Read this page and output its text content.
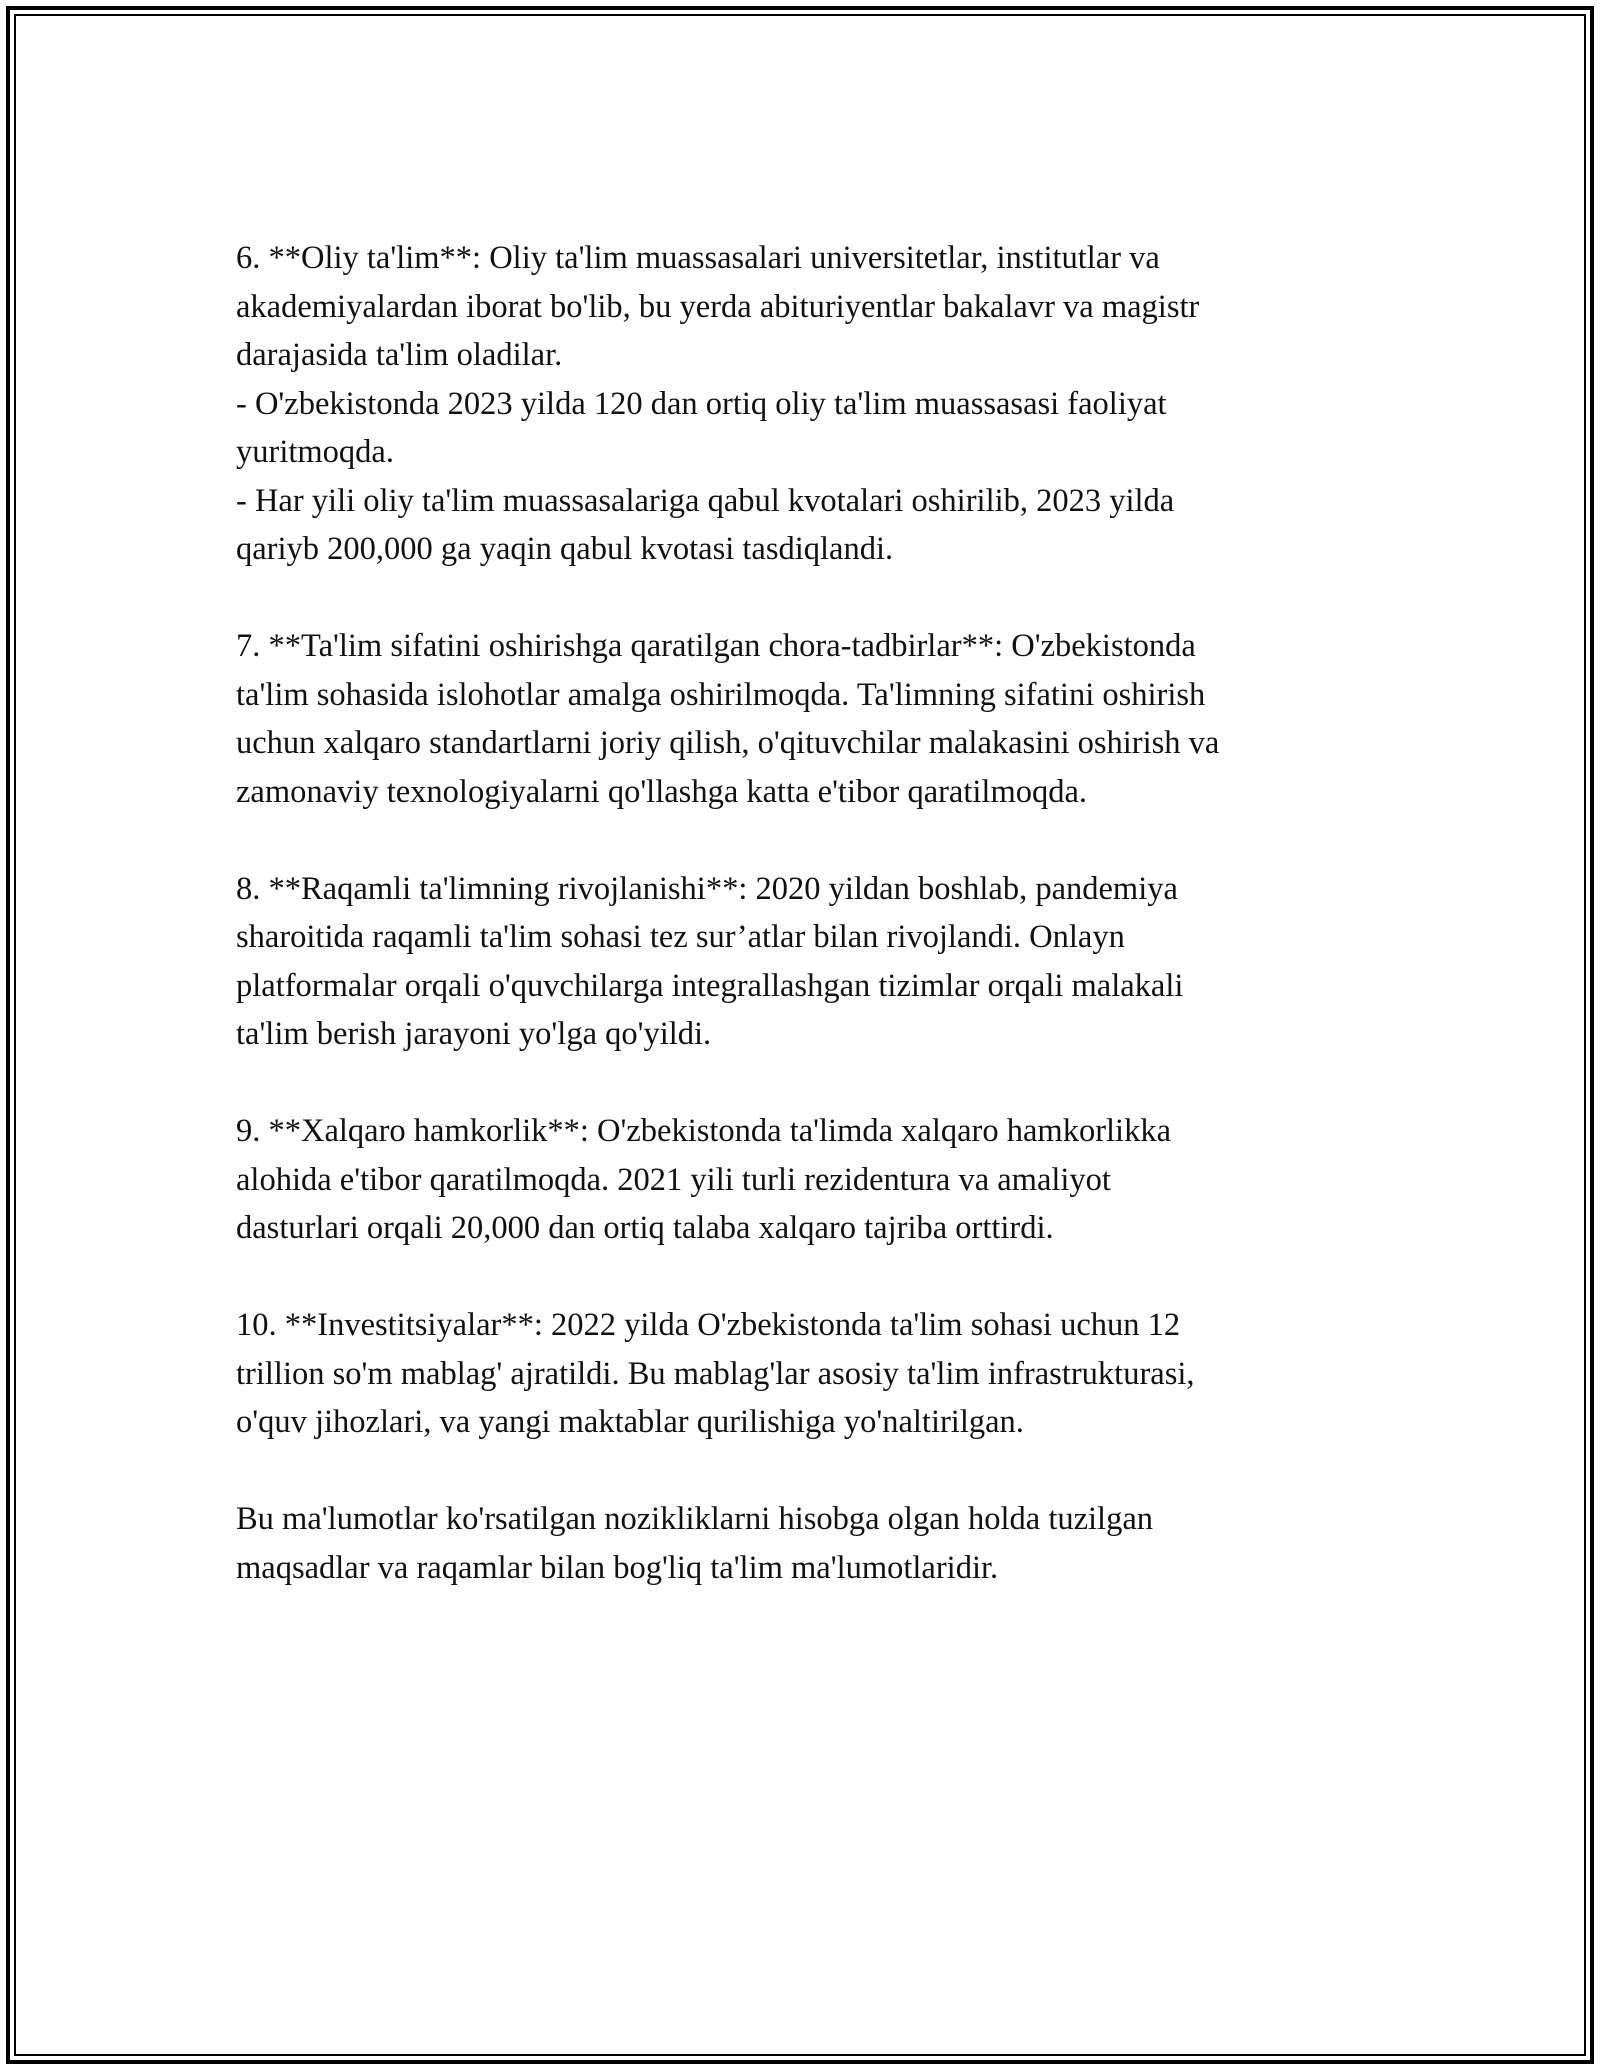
6. **Oliy ta'lim**: Oliy ta'lim muassasalari universitetlar, institutlar va
akademiyalardan iborat bo'lib, bu yerda abituriyentlar bakalavr va magistr
darajasida ta'lim oladilar.
- O'zbekistonda 2023 yilda 120 dan ortiq oliy ta'lim muassasasi faoliyat
yuritmoqda.
- Har yili oliy ta'lim muassasalariga qabul kvotalari oshirilib, 2023 yilda
qariyb 200,000 ga yaqin qabul kvotasi tasdiqlandi.

7. **Ta'lim sifatini oshirishga qaratilgan chora-tadbirlar**: O'zbekistonda
ta'lim sohasida islohotlar amalga oshirilmoqda. Ta'limning sifatini oshirish
uchun xalqaro standartlarni joriy qilish, o'qituvchilar malakasini oshirish va
zamonaviy texnologiyalarni qo'llashga katta e'tibor qaratilmoqda.

8. **Raqamli ta'limning rivojlanishi**: 2020 yildan boshlab, pandemiya
sharoitida raqamli ta'lim sohasi tez sur’atlar bilan rivojlandi. Onlayn
platformalar orqali o'quvchilarga integrallashgan tizimlar orqali malakali
ta'lim berish jarayoni yo'lga qo'yildi.

9. **Xalqaro hamkorlik**: O'zbekistonda ta'limda xalqaro hamkorlikka
alohida e'tibor qaratilmoqda. 2021 yili turli rezidentura va amaliyot
dasturlari orqali 20,000 dan ortiq talaba xalqaro tajriba orttirdi.

10. **Investitsiyalar**: 2022 yilda O'zbekistonda ta'lim sohasi uchun 12
trillion so'm mablag' ajratildi. Bu mablag'lar asosiy ta'lim infrastrukturasi,
o'quv jihozlari, va yangi maktablar qurilishiga yo'naltirilgan.

Bu ma'lumotlar ko'rsatilgan nozikliklarni hisobga olgan holda tuzilgan
maqsadlar va raqamlar bilan bog'liq ta'lim ma'lumotlaridir.
